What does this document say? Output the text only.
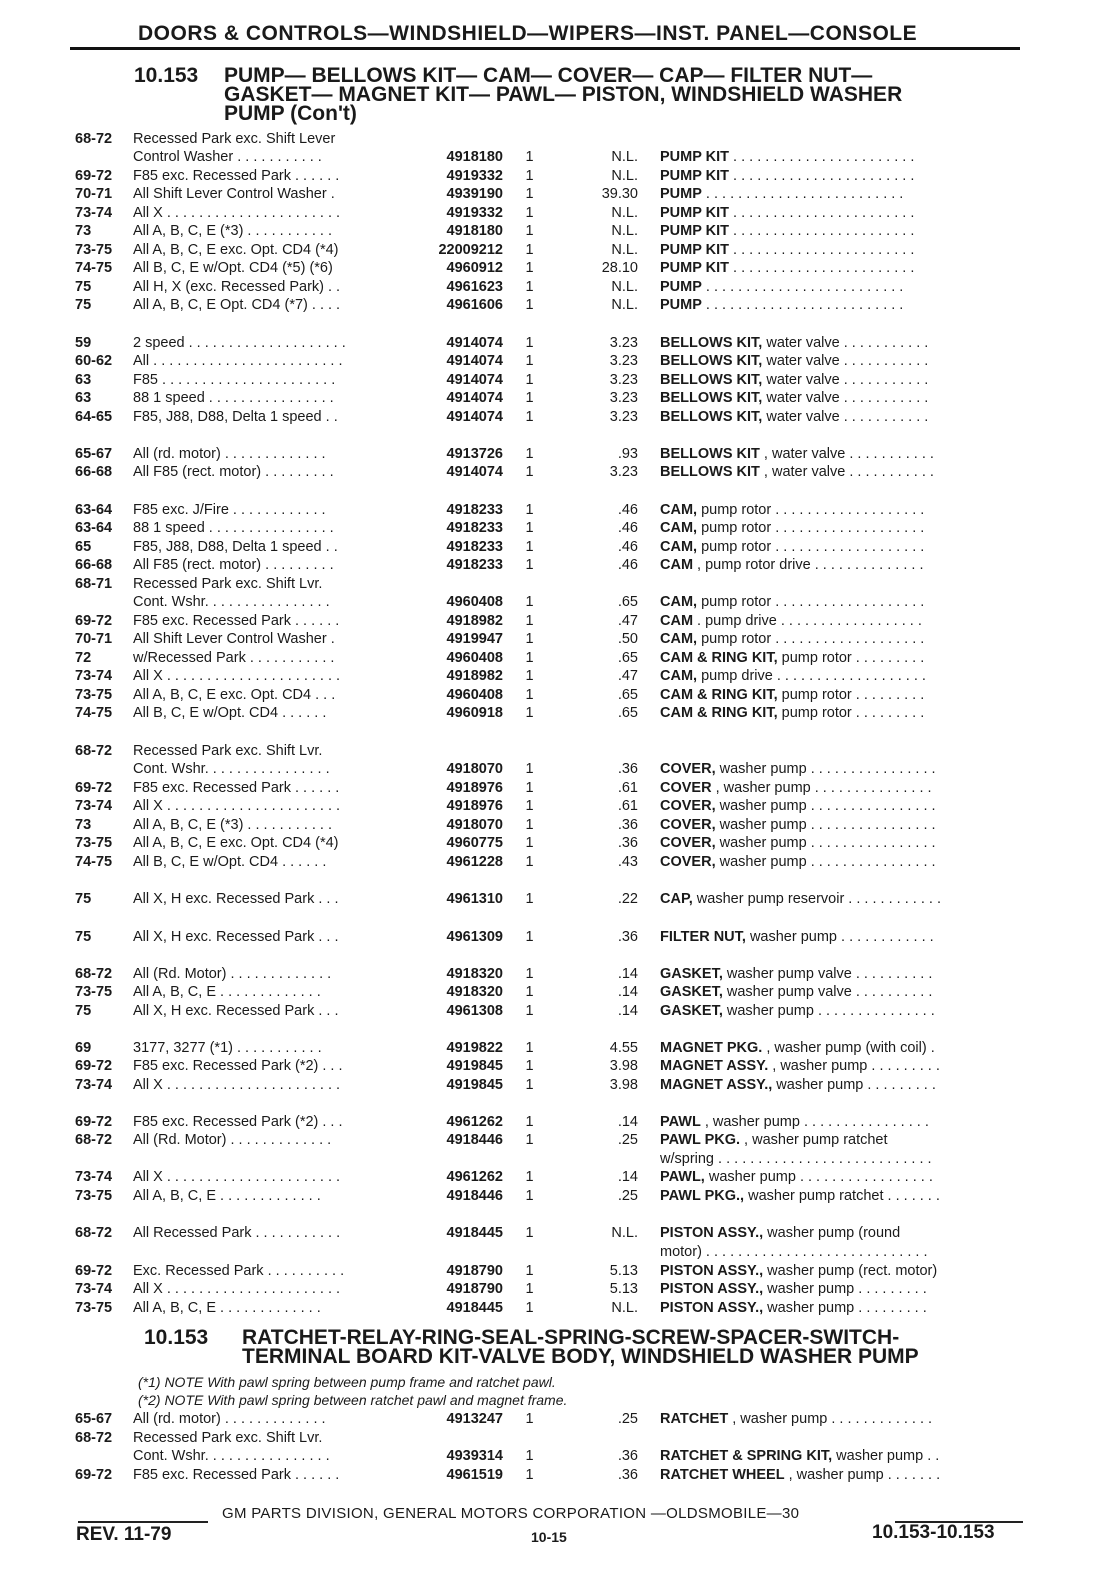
DOORS & CONTROLS—WINDSHIELD—WIPERS—INST. PANEL—CONSOLE
10.153 PUMP— BELLOWS KIT— CAM— COVER— CAP— FILTER NUT—
GASKET— MAGNET KIT— PAWL— PISTON, WINDSHIELD WASHER
PUMP (Con't)
68-72 Recessed Park exc. Shift Lever
Control Washer . . . . . . . . . . .	4918180 1	N.L. PUMP KIT . . . . . . . . . . . . . . . . . . . . . . .
69-72 F85 exc. Recessed Park . . . . . .	4919332 1	N.L. PUMP KIT . . . . . . . . . . . . . . . . . . . . . . .
70-71 All Shift Lever Control Washer .	4939190 1	39.30 PUMP . . . . . . . . . . . . . . . . . . . . . . . . .
73-74 All X . . . . . . . . . . . . . . . . . . . . . .	4919332 1	N.L. PUMP KIT . . . . . . . . . . . . . . . . . . . . . . .
73	All A, B, C, E (*3) . . . . . . . . . . .	4918180 1	N.L. PUMP KIT . . . . . . . . . . . . . . . . . . . . . . .
73-75 All A, B, C, E exc. Opt. CD4 (*4)	22009212 1	N.L. PUMP KIT . . . . . . . . . . . . . . . . . . . . . . .
74-75 All B, C, E w/Opt. CD4 (*5) (*6)	4960912 1	28.10 PUMP KIT . . . . . . . . . . . . . . . . . . . . . . .
75	All H, X (exc. Recessed Park) . .	4961623 1	N.L. PUMP . . . . . . . . . . . . . . . . . . . . . . . . .
75	All A, B, C, E Opt. CD4 (*7) . . . .	4961606 1	N.L. PUMP . . . . . . . . . . . . . . . . . . . . . . . . .
59	2 speed . . . . . . . . . . . . . . . . . . . .	4914074 1	3.23 BELLOWS KIT, water valve . . . . . . . . . . .
60-62 All . . . . . . . . . . . . . . . . . . . . . . . .	4914074 1	3.23 BELLOWS KIT, water valve . . . . . . . . . . .
63	F85 . . . . . . . . . . . . . . . . . . . . . .	4914074 1	3.23 BELLOWS KIT, water valve . . . . . . . . . . .
63	88 1 speed . . . . . . . . . . . . . . . .	4914074 1	3.23 BELLOWS KIT, water valve . . . . . . . . . . .
64-65 F85, J88, D88, Delta 1 speed . .	4914074 1	3.23 BELLOWS KIT, water valve . . . . . . . . . . .
65-67 All (rd. motor) . . . . . . . . . . . . .	4913726 1	.93 BELLOWS KIT , water valve . . . . . . . . . . .
66-68 All F85 (rect. motor) . . . . . . . . .	4914074 1	3.23 BELLOWS KIT , water valve . . . . . . . . . . .
63-64 F85 exc. J/Fire . . . . . . . . . . . .	4918233 1	.46 CAM, pump rotor . . . . . . . . . . . . . . . . . . .
63-64 88 1 speed . . . . . . . . . . . . . . . .	4918233 1	.46 CAM, pump rotor . . . . . . . . . . . . . . . . . . .
65	F85, J88, D88, Delta 1 speed . .	4918233 1	.46 CAM, pump rotor . . . . . . . . . . . . . . . . . . .
66-68 All F85 (rect. motor) . . . . . . . . .	4918233 1	.46 CAM , pump rotor drive . . . . . . . . . . . . . .
68-71 Recessed Park exc. Shift Lvr.
Cont. Wshr. . . . . . . . . . . . . . . .	4960408 1	.65 CAM, pump rotor . . . . . . . . . . . . . . . . . . .
69-72 F85 exc. Recessed Park . . . . . .	4918982 1	.47 CAM . pump drive . . . . . . . . . . . . . . . . . .
70-71 All Shift Lever Control Washer .	4919947 1	.50 CAM, pump rotor . . . . . . . . . . . . . . . . . . .
72	w/Recessed Park . . . . . . . . . . .	4960408 1	.65 CAM & RING KIT, pump rotor . . . . . . . . .
73-74 All X . . . . . . . . . . . . . . . . . . . . . .	4918982 1	.47 CAM, pump drive . . . . . . . . . . . . . . . . . . .
73-75 All A, B, C, E exc. Opt. CD4 . . .	4960408 1	.65 CAM & RING KIT, pump rotor . . . . . . . . .
74-75 All B, C, E w/Opt. CD4 . . . . . .	4960918 1	.65 CAM & RING KIT, pump rotor . . . . . . . . .
68-72 Recessed Park exc. Shift Lvr.
Cont. Wshr. . . . . . . . . . . . . . . .	4918070 1	.36 COVER, washer pump . . . . . . . . . . . . . . . .
69-72 F85 exc. Recessed Park . . . . . .	4918976 1	.61 COVER , washer pump . . . . . . . . . . . . . . .
73-74 All X . . . . . . . . . . . . . . . . . . . . . .	4918976 1	.61 COVER, washer pump . . . . . . . . . . . . . . . .
73	All A, B, C, E (*3) . . . . . . . . . . .	4918070 1	.36 COVER, washer pump . . . . . . . . . . . . . . . .
73-75 All A, B, C, E exc. Opt. CD4 (*4)	4960775 1	.36 COVER, washer pump . . . . . . . . . . . . . . . .
74-75 All B, C, E w/Opt. CD4 . . . . . .	4961228 1	.43 COVER, washer pump . . . . . . . . . . . . . . . .
75	All X, H exc. Recessed Park . . .	4961310 1	.22 CAP, washer pump reservoir . . . . . . . . . . . .
75	All X, H exc. Recessed Park . . .	4961309 1	.36 FILTER NUT, washer pump . . . . . . . . . . . .
68-72 All (Rd. Motor) . . . . . . . . . . . . .	4918320 1	.14 GASKET, washer pump valve . . . . . . . . . .
73-75 All A, B, C, E . . . . . . . . . . . . .	4918320 1	.14 GASKET, washer pump valve . . . . . . . . . .
75	All X, H exc. Recessed Park . . .	4961308 1	.14 GASKET, washer pump . . . . . . . . . . . . . . .
69	3177, 3277 (*1) . . . . . . . . . . .	4919822 1	4.55 MAGNET PKG. , washer pump (with coil) .
69-72 F85 exc. Recessed Park (*2) . . .	4919845 1	3.98 MAGNET ASSY. , washer pump . . . . . . . . .
73-74 All X . . . . . . . . . . . . . . . . . . . . . .	4919845 1	3.98 MAGNET ASSY., washer pump . . . . . . . . .
69-72 F85 exc. Recessed Park (*2) . . .	4961262 1	.14 PAWL , washer pump . . . . . . . . . . . . . . . .
68-72 All (Rd. Motor) . . . . . . . . . . . . .	4918446 1	.25 PAWL PKG. , washer pump ratchet
w/spring . . . . . . . . . . . . . . . . . . . . . . . . . . .
73-74 All X . . . . . . . . . . . . . . . . . . . . . .	4961262 1	.14 PAWL, washer pump . . . . . . . . . . . . . . . . .
73-75 All A, B, C, E . . . . . . . . . . . . .	4918446 1	.25 PAWL PKG., washer pump ratchet . . . . . . .
68-72 All Recessed Park . . . . . . . . . . .	4918445 1	N.L. PISTON ASSY., washer pump (round
motor) . . . . . . . . . . . . . . . . . . . . . . . . . . . .
69-72 Exc. Recessed Park . . . . . . . . . .	4918790 1	5.13 PISTON ASSY., washer pump (rect. motor)
73-74 All X . . . . . . . . . . . . . . . . . . . . . .	4918790 1	5.13 PISTON ASSY., washer pump . . . . . . . . .
73-75 All A, B, C, E . . . . . . . . . . . . .	4918445 1	N.L. PISTON ASSY., washer pump . . . . . . . . .
65-67 All (rd. motor) . . . . . . . . . . . . .	4913247 1	.25 RATCHET , washer pump . . . . . . . . . . . . .
68-72 Recessed Park exc. Shift Lvr.
Cont. Wshr. . . . . . . . . . . . . . . .	4939314 1	.36 RATCHET & SPRING KIT, washer pump . .
69-72 F85 exc. Recessed Park . . . . . .	4961519 1	.36 RATCHET WHEEL , washer pump . . . . . . .
10.153 RATCHET-RELAY-RING-SEAL-SPRING-SCREW-SPACER-SWITCH-
TERMINAL BOARD KIT-VALVE BODY, WINDSHIELD WASHER PUMP
(*1) NOTE With pawl spring between pump frame and ratchet pawl.
(*2) NOTE With pawl spring between ratchet pawl and magnet frame.
GM PARTS DIVISION, GENERAL MOTORS CORPORATION —OLDSMOBILE—30
REV. 11-79	10-15	10.153-10.153
